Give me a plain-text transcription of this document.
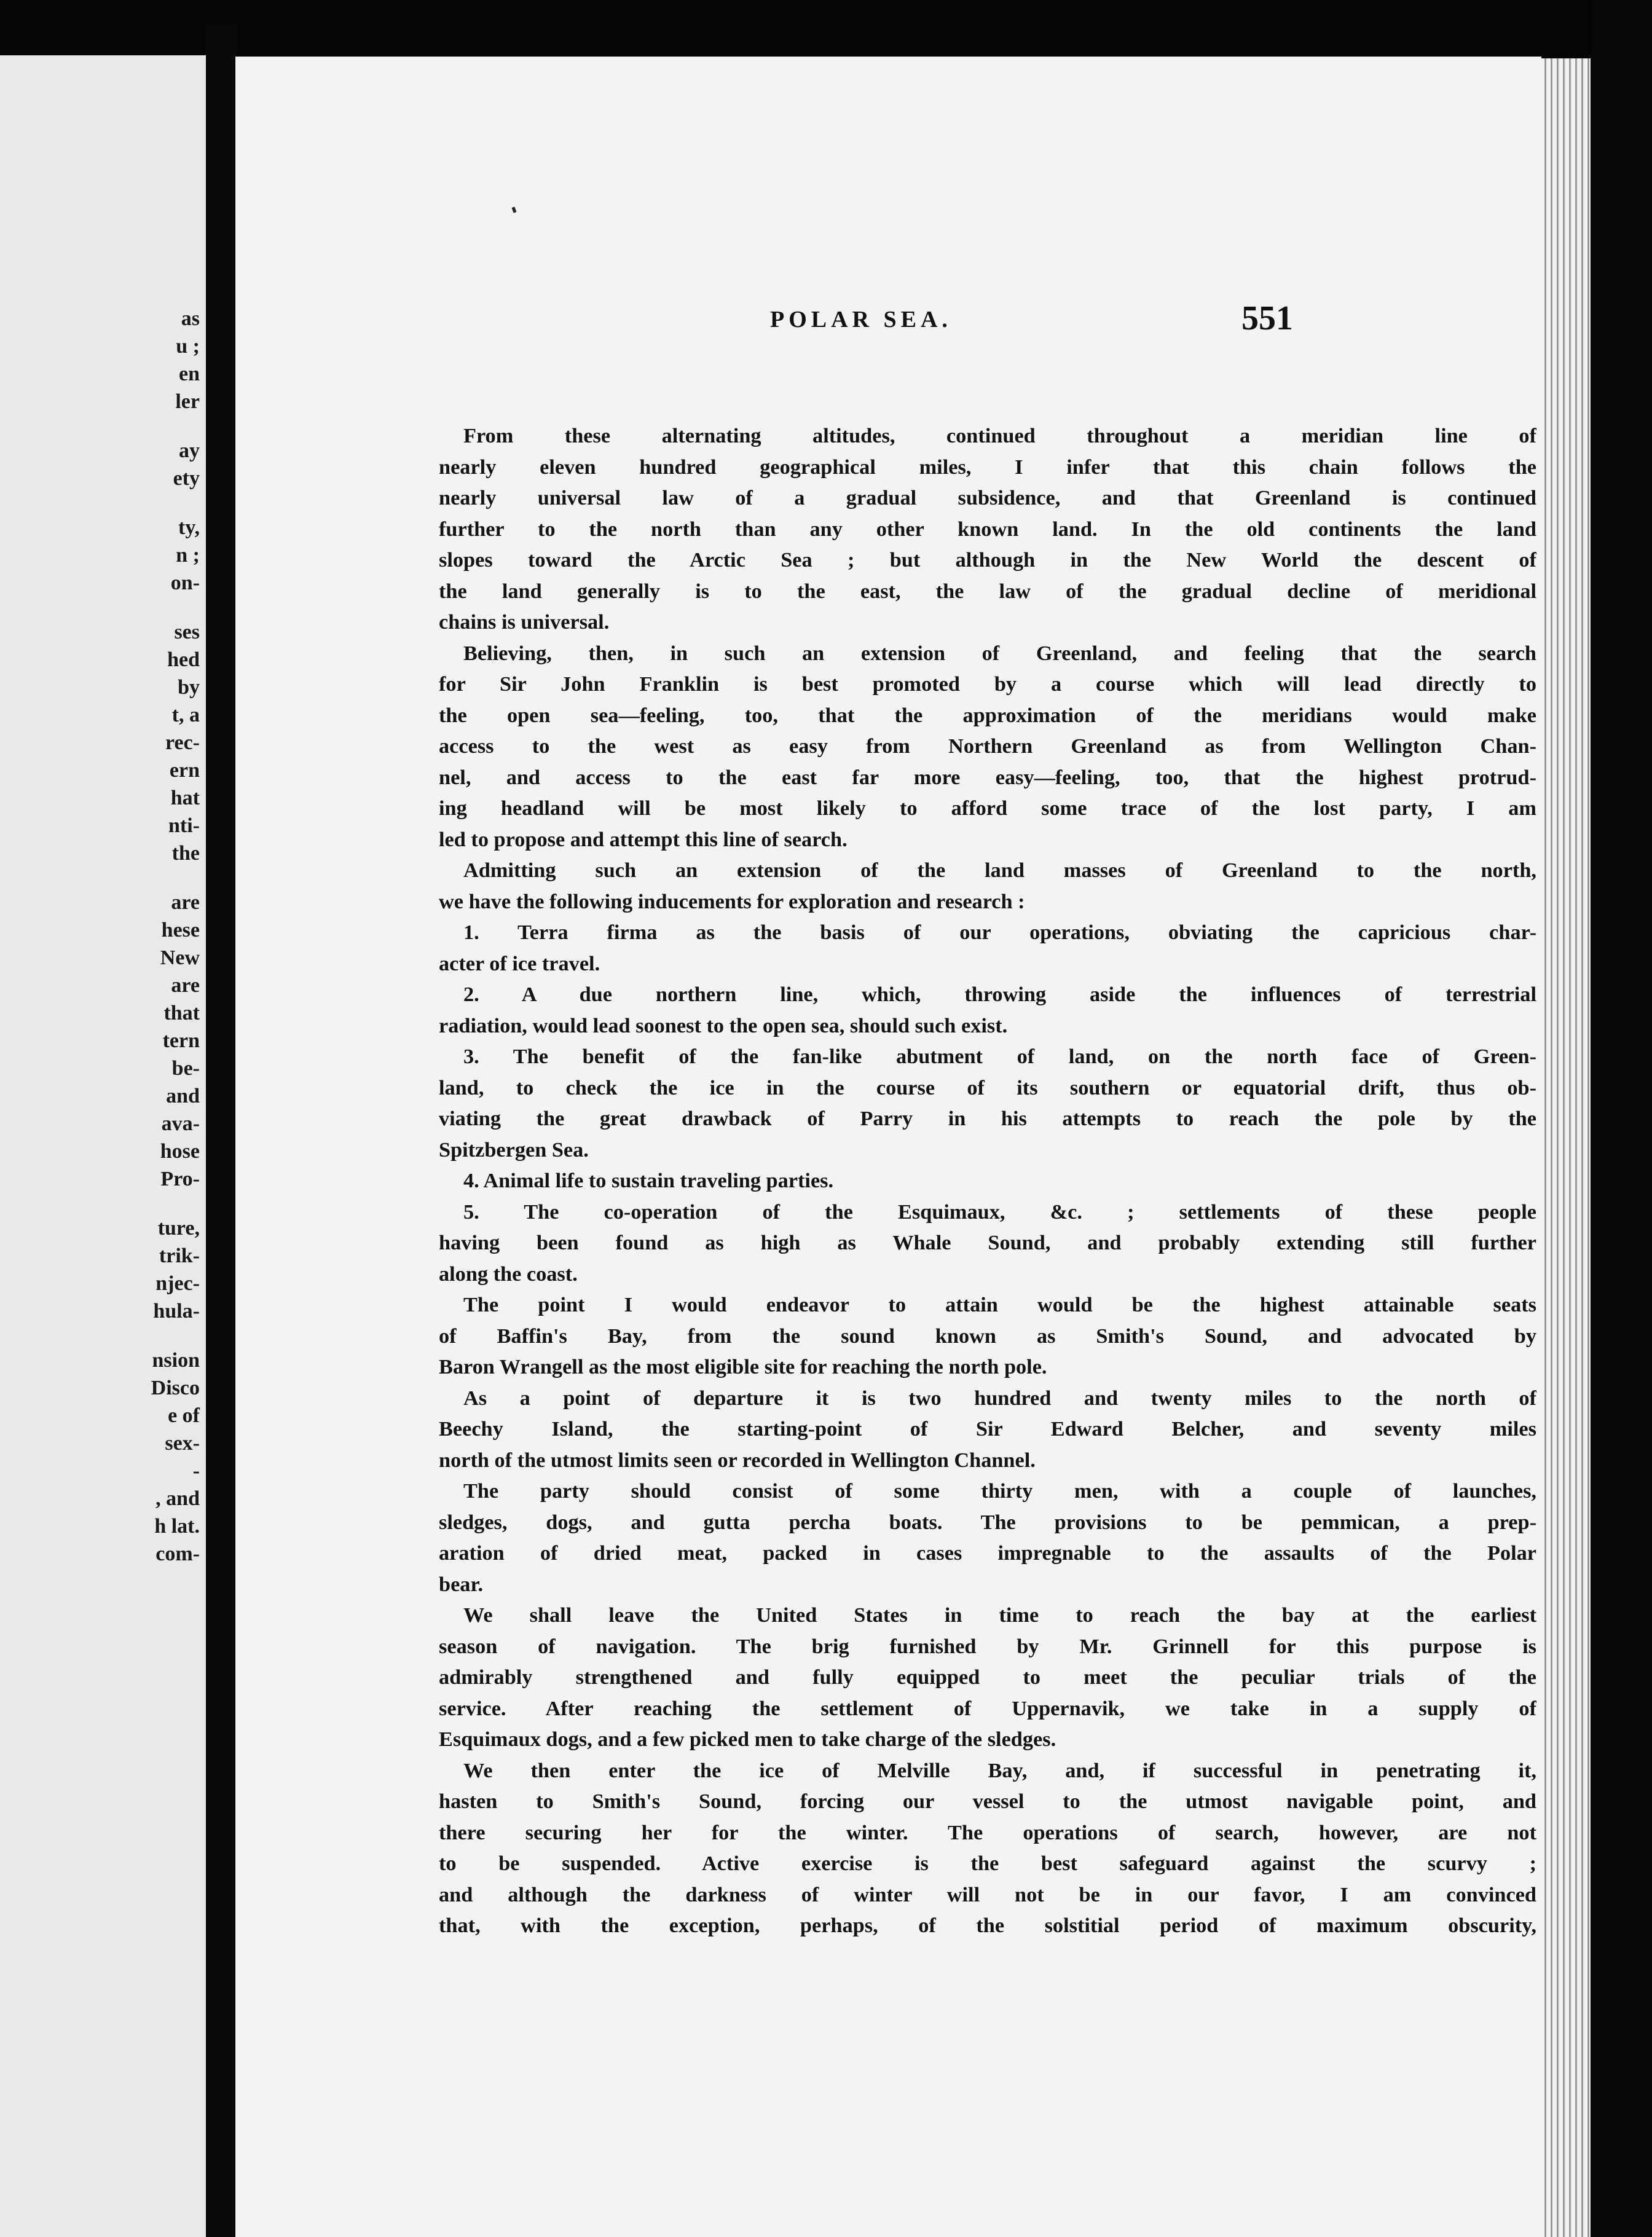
as
u ;
en
ler
ay
ety
ty,
n ;
on-
ses
hed
by
t, a
rec-
ern
hat
nti-
the
are
hese
New
are
that
tern
be-
and
ava-
hose
Pro-
ture,
trik-
njec-
hula-
nsion
Disco
e of
sex-
-
, and
h lat.
com-
POLAR SEA.	551

From these alternating altitudes, continued throughout a meridian line of
nearly eleven hundred geographical miles, I infer that this chain follows the
nearly universal law of a gradual subsidence, and that Greenland is continued
further to the north than any other known land. In the old continents the land
slopes toward the Arctic Sea ; but although in the New World the descent of
the land generally is to the east, the law of the gradual decline of meridional
chains is universal.

Believing, then, in such an extension of Greenland, and feeling that the search
for Sir John Franklin is best promoted by a course which will lead directly to
the open sea—feeling, too, that the approximation of the meridians would make
access to the west as easy from Northern Greenland as from Wellington Chan-
nel, and access to the east far more easy—feeling, too, that the highest protrud-
ing headland will be most likely to afford some trace of the lost party, I am
led to propose and attempt this line of search.

Admitting such an extension of the land masses of Greenland to the north,
we have the following inducements for exploration and research :

1. Terra firma as the basis of our operations, obviating the capricious char-
acter of ice travel.

2. A due northern line, which, throwing aside the influences of terrestrial
radiation, would lead soonest to the open sea, should such exist.

3. The benefit of the fan-like abutment of land, on the north face of Green-
land, to check the ice in the course of its southern or equatorial drift, thus ob-
viating the great drawback of Parry in his attempts to reach the pole by the
Spitzbergen Sea.

4. Animal life to sustain traveling parties.

5. The co-operation of the Esquimaux, &c. ; settlements of these people
having been found as high as Whale Sound, and probably extending still further
along the coast.

The point I would endeavor to attain would be the highest attainable seats
of Baffin's Bay, from the sound known as Smith's Sound, and advocated by
Baron Wrangell as the most eligible site for reaching the north pole.

As a point of departure it is two hundred and twenty miles to the north of
Beechy Island, the starting-point of Sir Edward Belcher, and seventy miles
north of the utmost limits seen or recorded in Wellington Channel.

The party should consist of some thirty men, with a couple of launches,
sledges, dogs, and gutta percha boats. The provisions to be pemmican, a prep-
aration of dried meat, packed in cases impregnable to the assaults of the Polar
bear.

We shall leave the United States in time to reach the bay at the earliest
season of navigation. The brig furnished by Mr. Grinnell for this purpose is
admirably strengthened and fully equipped to meet the peculiar trials of the
service. After reaching the settlement of Uppernavik, we take in a supply of
Esquimaux dogs, and a few picked men to take charge of the sledges.

We then enter the ice of Melville Bay, and, if successful in penetrating it,
hasten to Smith's Sound, forcing our vessel to the utmost navigable point, and
there securing her for the winter. The operations of search, however, are not
to be suspended. Active exercise is the best safeguard against the scurvy ;
and although the darkness of winter will not be in our favor, I am convinced
that, with the exception, perhaps, of the solstitial period of maximum obscurity,
